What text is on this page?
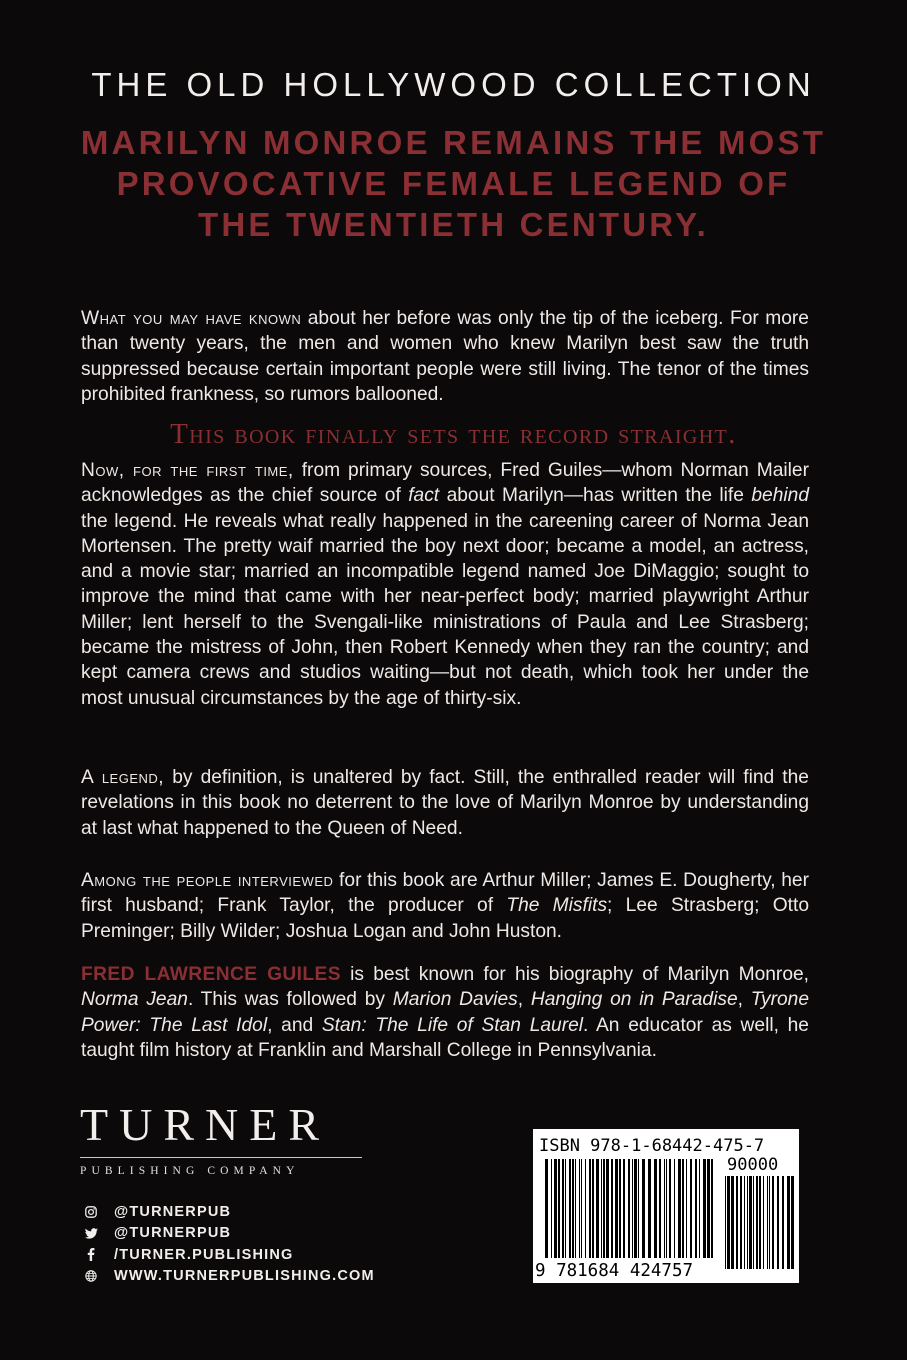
THE OLD HOLLYWOOD COLLECTION
MARILYN MONROE REMAINS THE MOST PROVOCATIVE FEMALE LEGEND OF THE TWENTIETH CENTURY.
What you may have known about her before was only the tip of the iceberg. For more than twenty years, the men and women who knew Marilyn best saw the truth suppressed because certain important people were still living. The tenor of the times prohibited frankness, so rumors ballooned.
This book finally sets the record straight.
Now, for the first time, from primary sources, Fred Guiles—whom Norman Mailer acknowledges as the chief source of fact about Marilyn—has written the life behind the legend. He reveals what really happened in the careening career of Norma Jean Mortensen. The pretty waif married the boy next door; became a model, an actress, and a movie star; married an incompatible legend named Joe DiMaggio; sought to improve the mind that came with her near-perfect body; married playwright Arthur Miller; lent herself to the Svengali-like ministrations of Paula and Lee Strasberg; became the mistress of John, then Robert Kennedy when they ran the country; and kept camera crews and studios waiting—but not death, which took her under the most unusual circumstances by the age of thirty-six.
A legend, by definition, is unaltered by fact. Still, the enthralled reader will find the revelations in this book no deterrent to the love of Marilyn Monroe by understanding at last what happened to the Queen of Need.
Among the people interviewed for this book are Arthur Miller; James E. Dougherty, her first husband; Frank Taylor, the producer of The Misfits; Lee Strasberg; Otto Preminger; Billy Wilder; Joshua Logan and John Huston.
FRED LAWRENCE GUILES is best known for his biography of Marilyn Monroe, Norma Jean. This was followed by Marion Davies, Hanging on in Paradise, Tyrone Power: The Last Idol, and Stan: The Life of Stan Laurel. An educator as well, he taught film history at Franklin and Marshall College in Pennsylvania.
TURNER
PUBLISHING COMPANY
@TURNERPUB
@TURNERPUB
/TURNER.PUBLISHING
WWW.TURNERPUBLISHING.COM
ISBN 978-1-68442-475-7
90000
9 781684 424757
